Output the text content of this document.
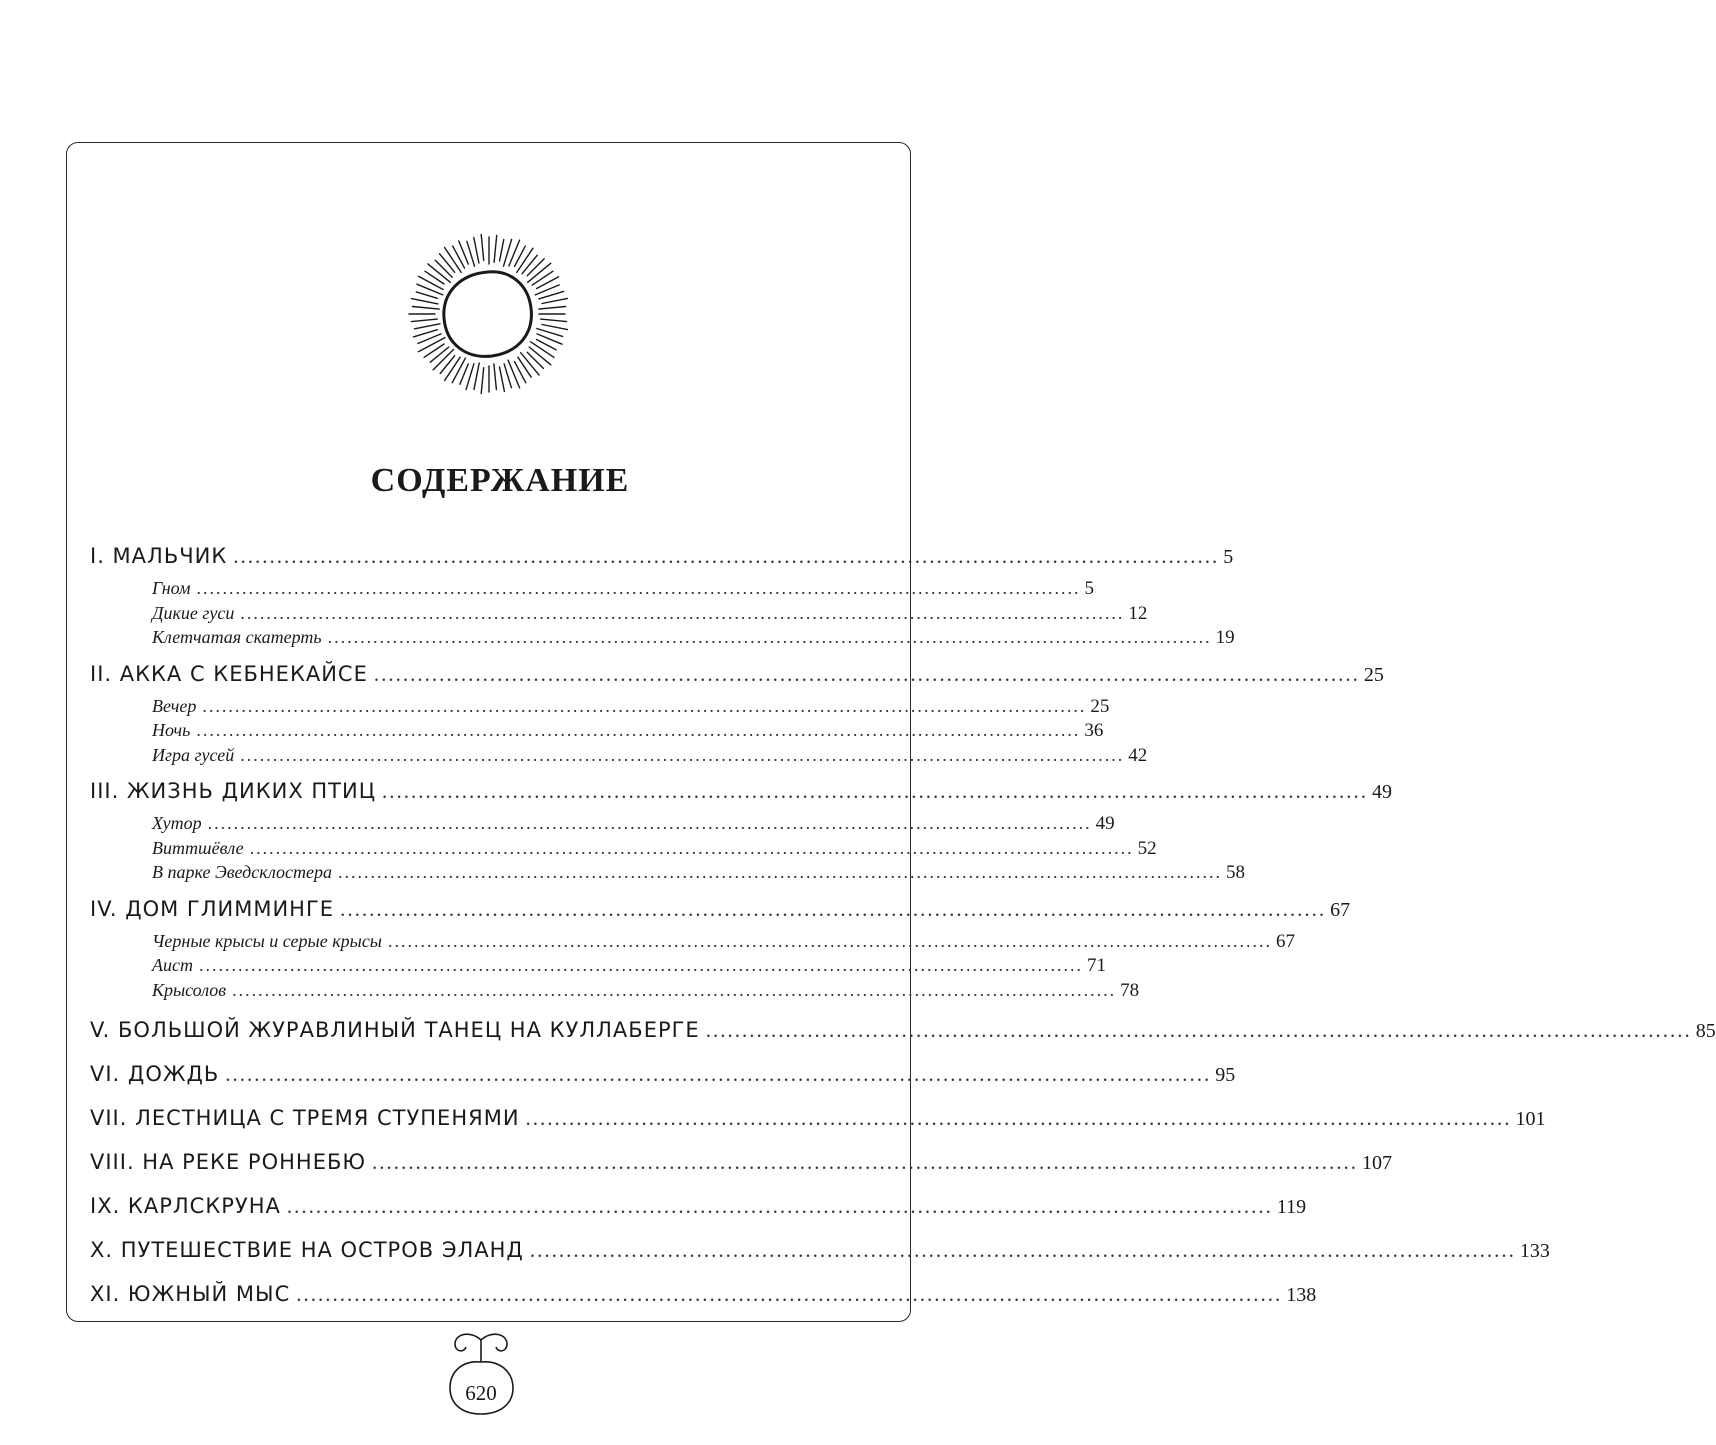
СОДЕРЖАНИЕ
I. МАЛЬЧИК ........................................................................................................................................ 5
Гном ........................................................................................................................................ 5
Дикие гуси ........................................................................................................................................ 12
Клетчатая скатерть ........................................................................................................................................ 19
II. АККА С КЕБНЕКАЙСЕ ........................................................................................................................................ 25
Вечер ........................................................................................................................................ 25
Ночь ........................................................................................................................................ 36
Игра гусей ........................................................................................................................................ 42
III. ЖИЗНЬ ДИКИХ ПТИЦ ........................................................................................................................................ 49
Хутор ........................................................................................................................................ 49
Виттшёвле ........................................................................................................................................ 52
В парке Эведсклостера ........................................................................................................................................ 58
IV. ДОМ ГЛИММИНГЕ ........................................................................................................................................ 67
Черные крысы и серые крысы ........................................................................................................................................ 67
Аист ........................................................................................................................................ 71
Крысолов ........................................................................................................................................ 78
V. БОЛЬШОЙ ЖУРАВЛИНЫЙ ТАНЕЦ НА КУЛЛАБЕРГЕ ........................................................................................................................................ 85
VI. ДОЖДЬ ........................................................................................................................................ 95
VII. ЛЕСТНИЦА С ТРЕМЯ СТУПЕНЯМИ ........................................................................................................................................ 101
VIII. НА РЕКЕ РОННЕБЮ ........................................................................................................................................ 107
IX. КАРЛСКРУНА ........................................................................................................................................ 119
X. ПУТЕШЕСТВИЕ НА ОСТРОВ ЭЛАНД ........................................................................................................................................ 133
XI. ЮЖНЫЙ МЫС ........................................................................................................................................ 138
620
